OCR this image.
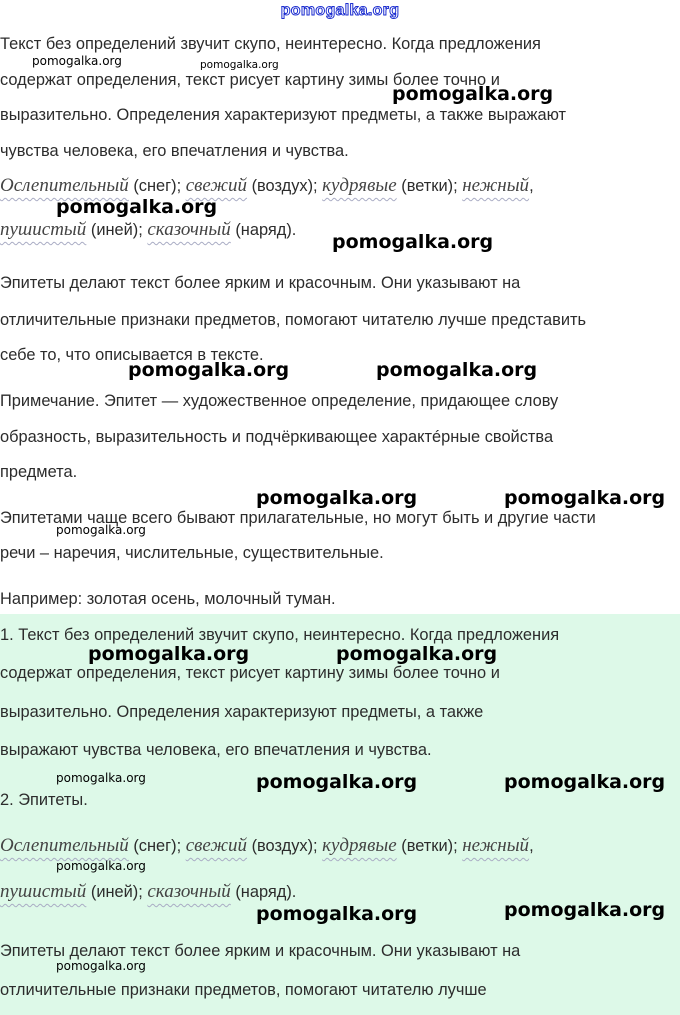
pomogalka.org
Текст без определений звучит скупо, неинтересно. Когда предложения
содержат определения, текст рисует картину зимы более точно и
выразительно. Определения характеризуют предметы, а также выражают
чувства человека, его впечатления и чувства.
Ослепительный (снег); свежий (воздух); кудрявые (ветки); нежный,
пушистый (иней); сказочный (наряд).
Эпитеты делают текст более ярким и красочным. Они указывают на
отличительные признаки предметов, помогают читателю лучше представить
себе то, что описывается в тексте.
Примечание. Эпитет — художественное определение, придающее слову
образность, выразительность и подчёркивающее характéрные свойства
предмета.
Эпитетами чаще всего бывают прилагательные, но могут быть и другие части
речи – наречия, числительные, существительные.
Например: золотая осень, молочный туман.
1. Текст без определений звучит скупо, неинтересно. Когда предложения
содержат определения, текст рисует картину зимы более точно и
выразительно. Определения характеризуют предметы, а также
выражают чувства человека, его впечатления и чувства.
2. Эпитеты.
Ослепительный (снег); свежий (воздух); кудрявые (ветки); нежный,
пушистый (иней); сказочный (наряд).
Эпитеты делают текст более ярким и красочным. Они указывают на
отличительные признаки предметов, помогают читателю лучше
pomogalka.org	pomogalka.org
pomogalka.org
pomogalka.org
pomogalka.org
pomogalka.org	pomogalka.org
pomogalka.org	pomogalka.org
pomogalka.org
pomogalka.org	pomogalka.org
pomogalka.org	pomogalka.org	pomogalka.org
pomogalka.org
pomogalka.org	pomogalka.org
pomogalka.org
